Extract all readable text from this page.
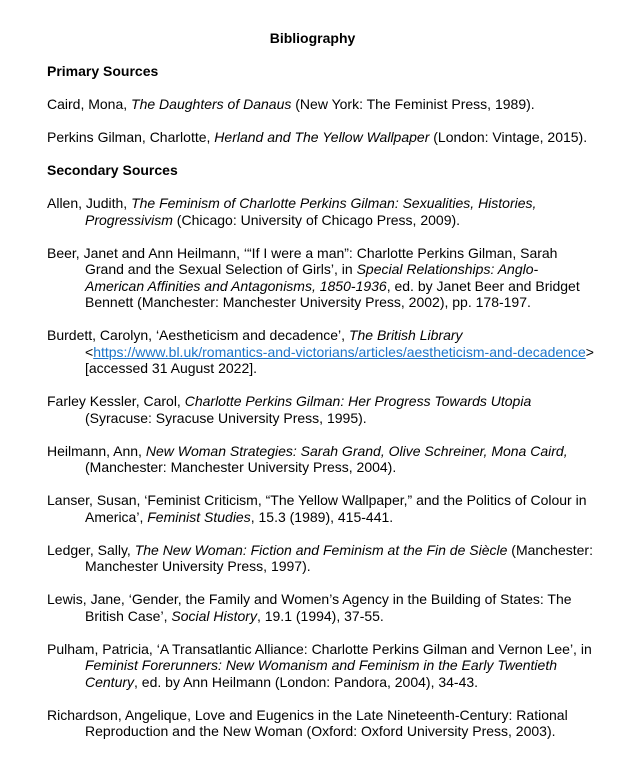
Bibliography

Primary Sources

Caird, Mona, The Daughters of Danaus (New York: The Feminist Press, 1989).

Perkins Gilman, Charlotte, Herland and The Yellow Wallpaper (London: Vintage, 2015).

Secondary Sources

Allen, Judith, The Feminism of Charlotte Perkins Gilman: Sexualities, Histories, Progressivism (Chicago: University of Chicago Press, 2009).

Beer, Janet and Ann Heilmann, ‘“If I were a man”: Charlotte Perkins Gilman, Sarah Grand and the Sexual Selection of Girls’, in Special Relationships: Anglo-American Affinities and Antagonisms, 1850-1936, ed. by Janet Beer and Bridget Bennett (Manchester: Manchester University Press, 2002), pp. 178-197.

Burdett, Carolyn, ‘Aestheticism and decadence’, The British Library <https://www.bl.uk/romantics-and-victorians/articles/aestheticism-and-decadence> [accessed 31 August 2022].

Farley Kessler, Carol, Charlotte Perkins Gilman: Her Progress Towards Utopia (Syracuse: Syracuse University Press, 1995).

Heilmann, Ann, New Woman Strategies: Sarah Grand, Olive Schreiner, Mona Caird, (Manchester: Manchester University Press, 2004).

Lanser, Susan, ‘Feminist Criticism, “The Yellow Wallpaper,” and the Politics of Colour in America’, Feminist Studies, 15.3 (1989), 415-441.

Ledger, Sally, The New Woman: Fiction and Feminism at the Fin de Siècle (Manchester: Manchester University Press, 1997).

Lewis, Jane, ‘Gender, the Family and Women’s Agency in the Building of States: The British Case’, Social History, 19.1 (1994), 37-55.

Pulham, Patricia, ‘A Transatlantic Alliance: Charlotte Perkins Gilman and Vernon Lee’, in Feminist Forerunners: New Womanism and Feminism in the Early Twentieth Century, ed. by Ann Heilmann (London: Pandora, 2004), 34-43.

Richardson, Angelique, Love and Eugenics in the Late Nineteenth-Century: Rational Reproduction and the New Woman (Oxford: Oxford University Press, 2003).
